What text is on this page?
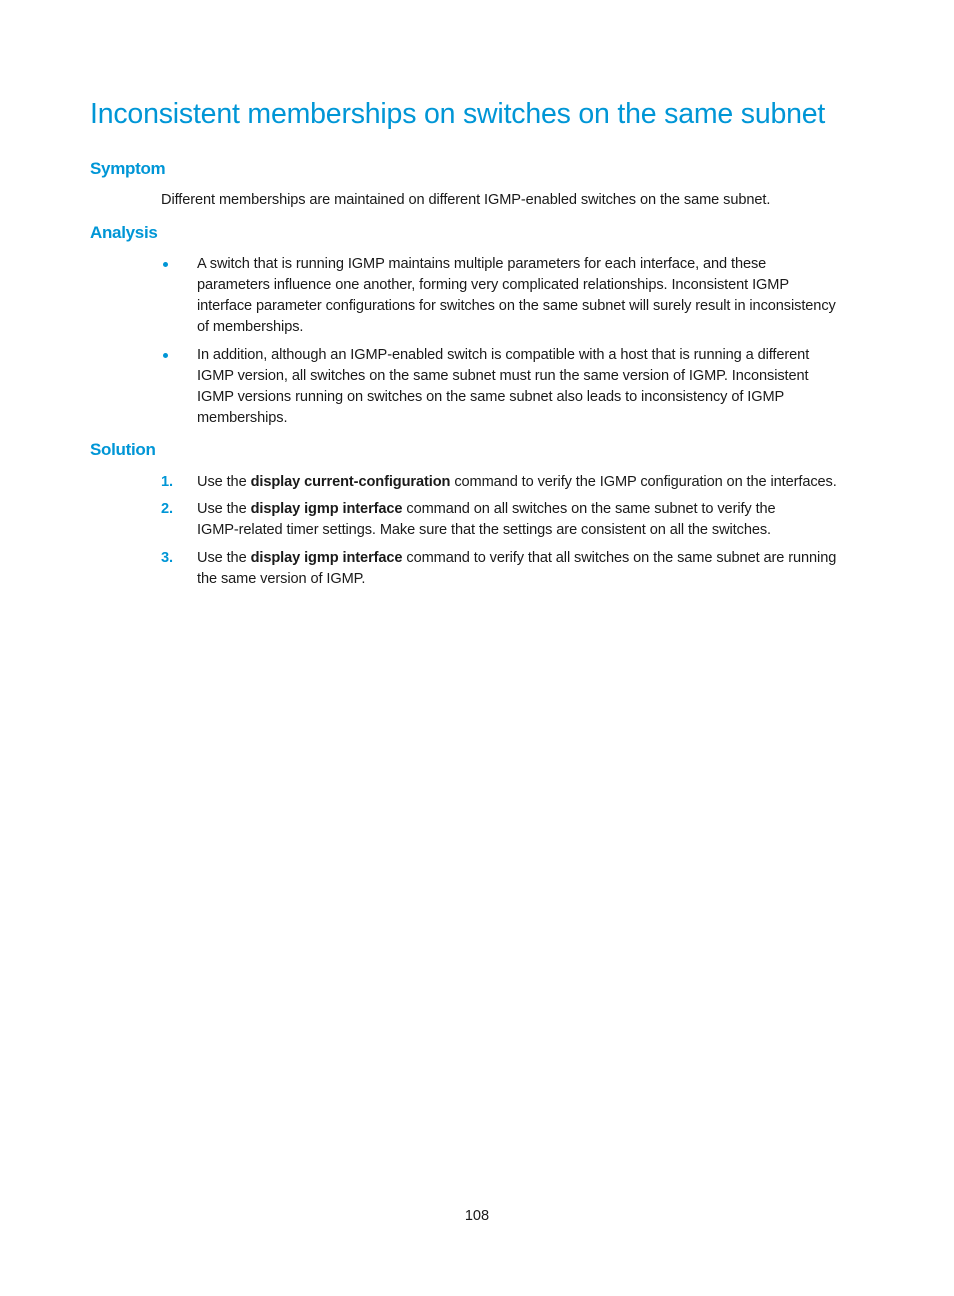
Inconsistent memberships on switches on the same subnet
Symptom
Different memberships are maintained on different IGMP-enabled switches on the same subnet.
Analysis
A switch that is running IGMP maintains multiple parameters for each interface, and these
parameters influence one another, forming very complicated relationships. Inconsistent IGMP
interface parameter configurations for switches on the same subnet will surely result in inconsistency
of memberships.
In addition, although an IGMP-enabled switch is compatible with a host that is running a different
IGMP version, all switches on the same subnet must run the same version of IGMP. Inconsistent
IGMP versions running on switches on the same subnet also leads to inconsistency of IGMP
memberships.
Solution
1. Use the display current-configuration command to verify the IGMP configuration on the interfaces.
2. Use the display igmp interface command on all switches on the same subnet to verify the
IGMP-related timer settings. Make sure that the settings are consistent on all the switches.
3. Use the display igmp interface command to verify that all switches on the same subnet are running
the same version of IGMP.
108
